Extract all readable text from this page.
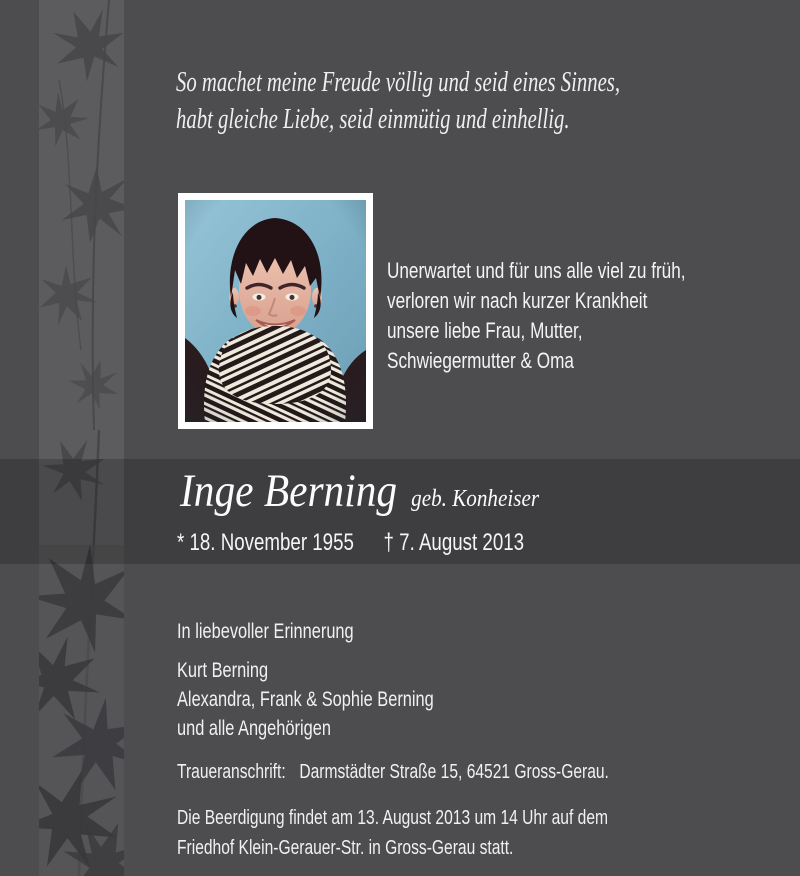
So machet meine Freude völlig und seid eines Sinnes,
habt gleiche Liebe, seid einmütig und einhellig.
Unerwartet und für uns alle viel zu früh,
verloren wir nach kurzer Krankheit
unsere liebe Frau, Mutter,
Schwiegermutter & Oma
Inge Berning geb. Konheiser
* 18. November 1955 † 7. August 2013
In liebevoller Erinnerung
Kurt Berning
Alexandra, Frank & Sophie Berning
und alle Angehörigen
Traueranschrift: Darmstädter Straße 15, 64521 Gross-Gerau.
Die Beerdigung findet am 13. August 2013 um 14 Uhr auf dem
Friedhof Klein-Gerauer-Str. in Gross-Gerau statt.
